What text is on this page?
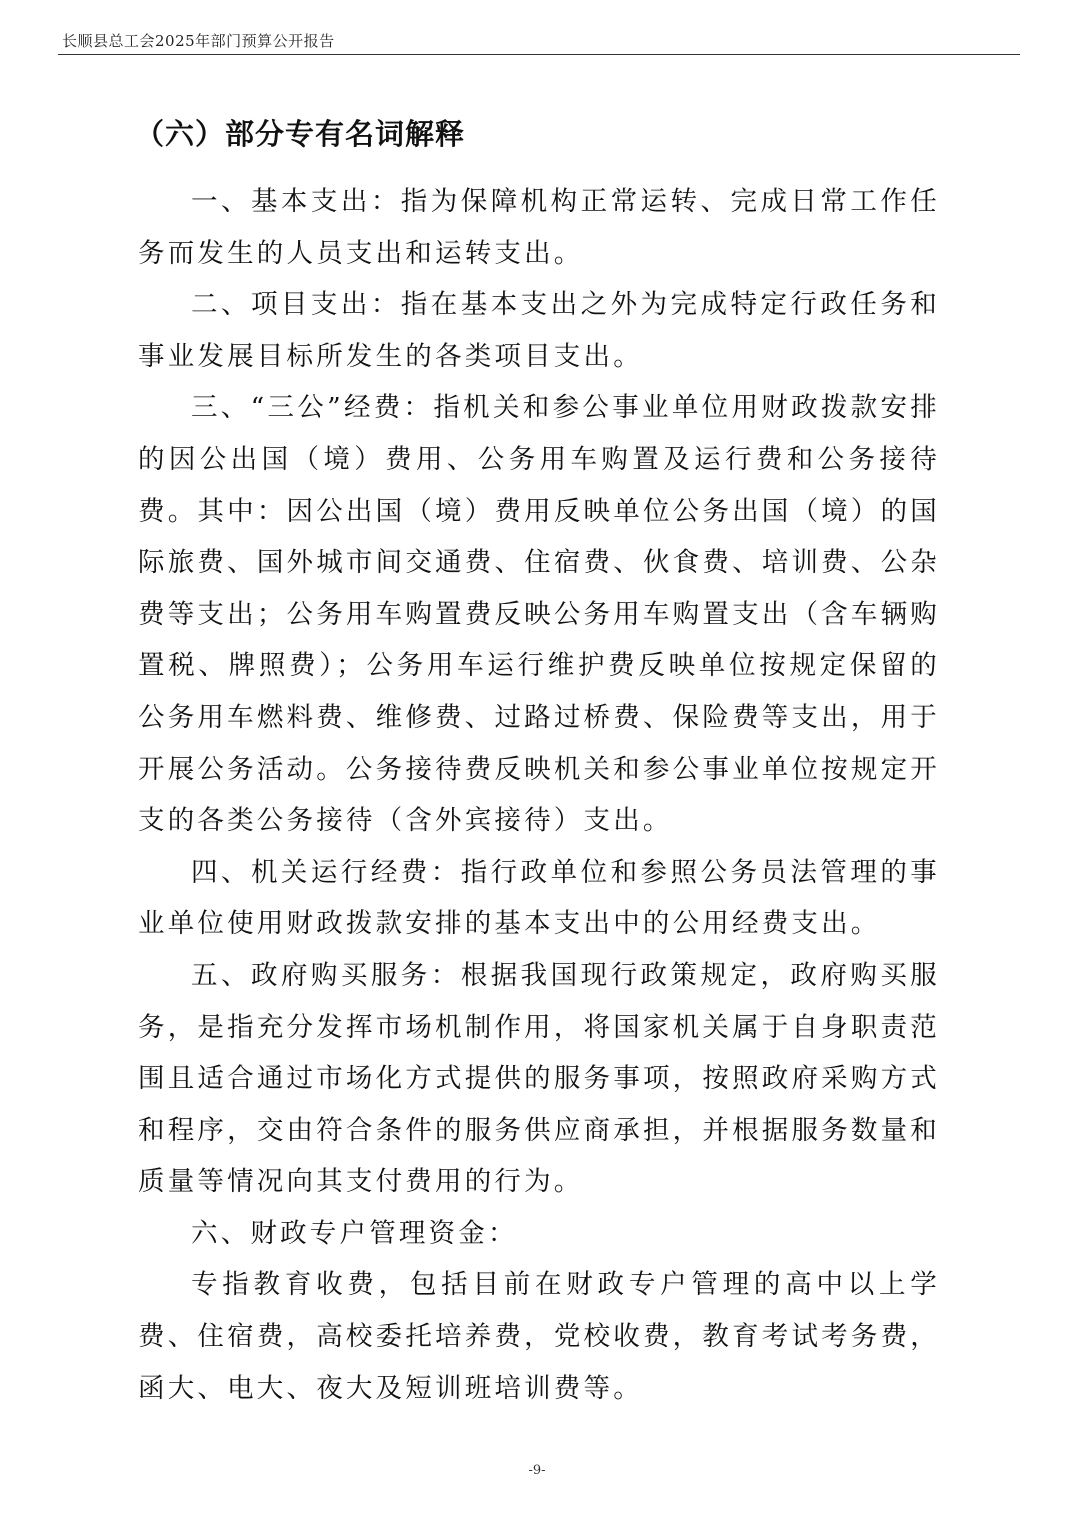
长顺县总工会2025年部门预算公开报告
（六）部分专有名词解释

一、基本支出：指为保障机构正常运转、完成日常工作任务而发生的人员支出和运转支出。

二、项目支出：指在基本支出之外为完成特定行政任务和事业发展目标所发生的各类项目支出。

三、“三公”经费：指机关和参公事业单位用财政拨款安排的因公出国（境）费用、公务用车购置及运行费和公务接待费。其中：因公出国（境）费用反映单位公务出国（境）的国际旅费、国外城市间交通费、住宿费、伙食费、培训费、公杂费等支出；公务用车购置费反映公务用车购置支出（含车辆购置税、牌照费）；公务用车运行维护费反映单位按规定保留的公务用车燃料费、维修费、过路过桥费、保险费等支出，用于开展公务活动。公务接待费反映机关和参公事业单位按规定开支的各类公务接待（含外宾接待）支出。

四、机关运行经费：指行政单位和参照公务员法管理的事业单位使用财政拨款安排的基本支出中的公用经费支出。

五、政府购买服务：根据我国现行政策规定，政府购买服务，是指充分发挥市场机制作用，将国家机关属于自身职责范围且适合通过市场化方式提供的服务事项，按照政府采购方式和程序，交由符合条件的服务供应商承担，并根据服务数量和质量等情况向其支付费用的行为。

六、财政专户管理资金：

专指教育收费，包括目前在财政专户管理的高中以上学费、住宿费，高校委托培养费，党校收费，教育考试考务费，函大、电大、夜大及短训班培训费等。

-9-
